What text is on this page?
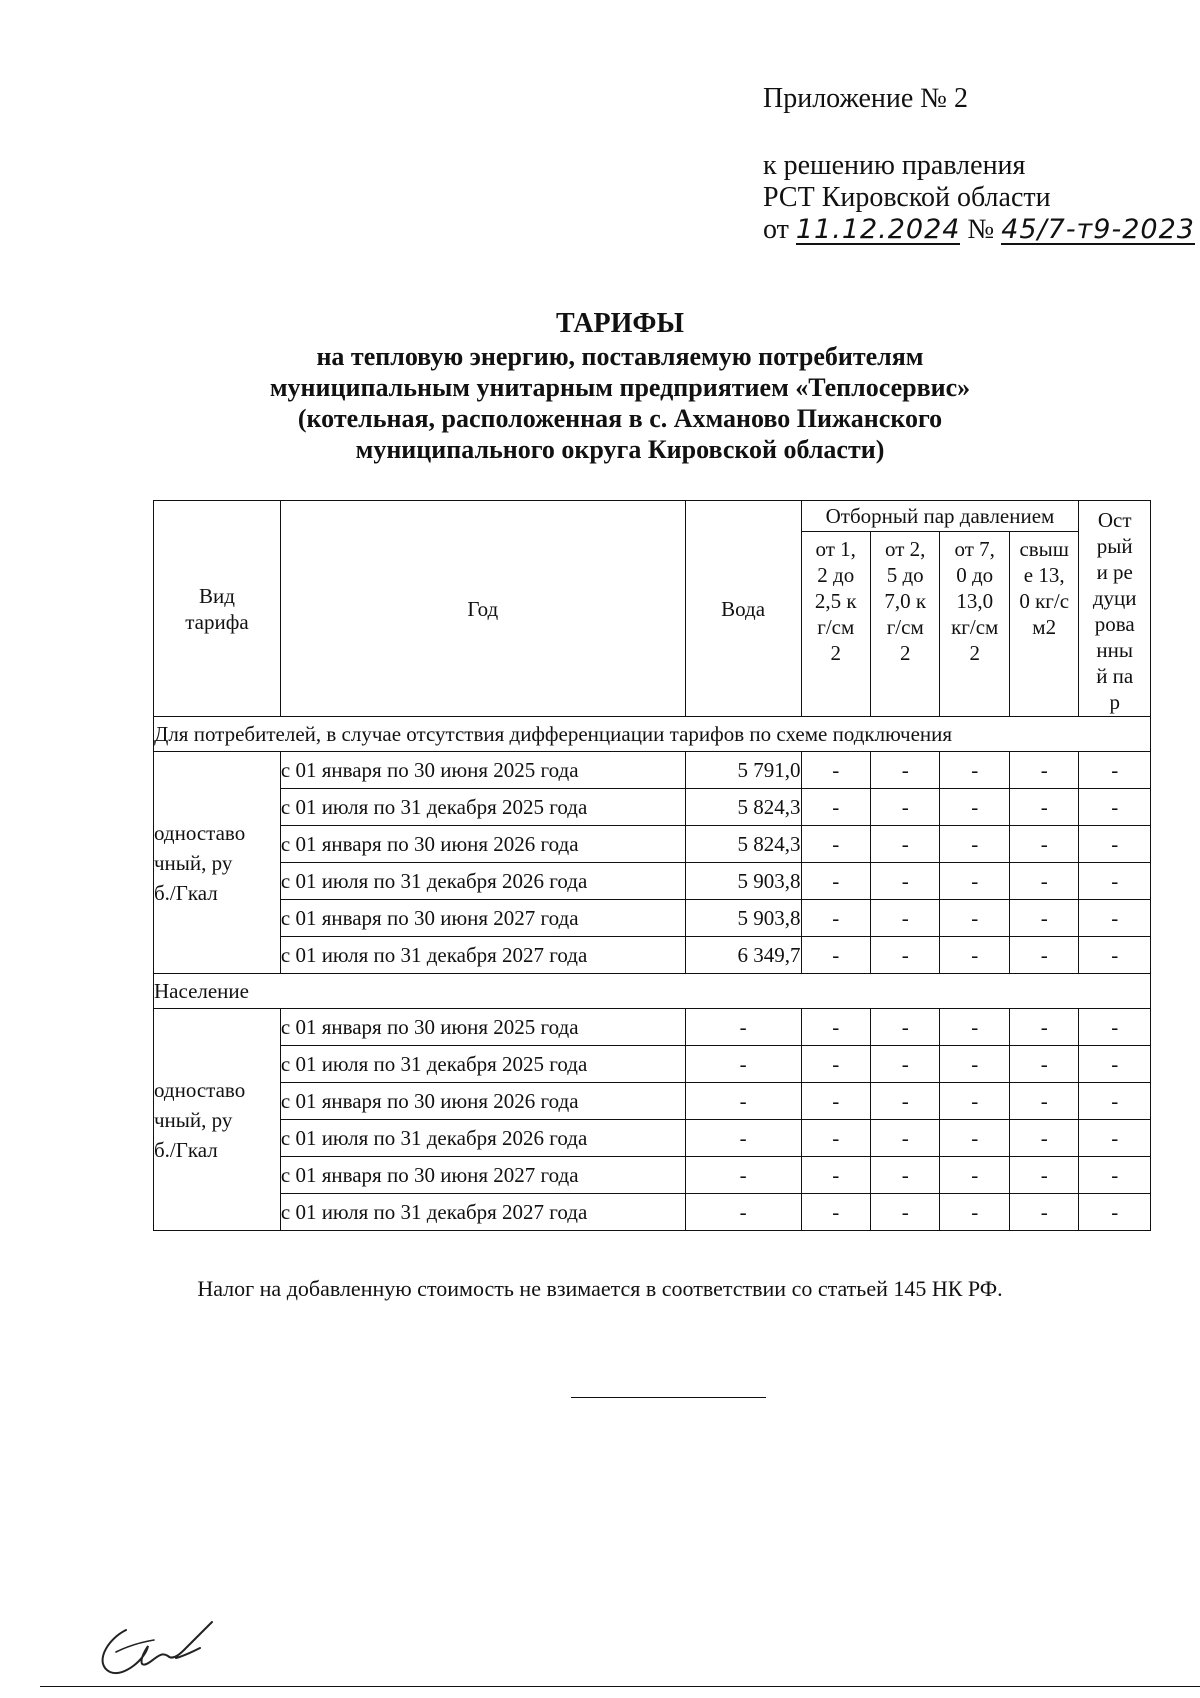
Приложение № 2
к решению правления
РСТ Кировской области
от 11.12.2024 № 45/7-т9-2023
ТАРИФЫ
на тепловую энергию, поставляемую потребителям
муниципальным унитарным предприятием «Теплосервис»
(котельная, расположенная в с. Ахманово Пижанского
муниципального округа Кировской области)
Вид тарифа	Год	Вода	Отборный пар давлением				Острый и редуцированный пар

			от 1,2 до 2,5 кг/см2	от 2,5 до 7,0 кг/см2	от 7,0 до 13,0 кг/см2	свыше 13,0 кг/см2	

Для потребителей, в случае отсутствия дифференциации тарифов по схеме подключения							

одноставочный, руб./Гкал	с 01 января по 30 июня 2025 года	5 791,0	-	-	-	-	-
	с 01 июля по 31 декабря 2025 года	5 824,3	-	-	-	-	-
	с 01 января по 30 июня 2026 года	5 824,3	-	-	-	-	-
	с 01 июля по 31 декабря 2026 года	5 903,8	-	-	-	-	-
	с 01 января по 30 июня 2027 года	5 903,8	-	-	-	-	-
	с 01 июля по 31 декабря 2027 года	6 349,7	-	-	-	-	-
Население							

одноставочный, руб./Гкал	с 01 января по 30 июня 2025 года	-	-	-	-	-	-
	с 01 июля по 31 декабря 2025 года	-	-	-	-	-	-
	с 01 января по 30 июня 2026 года	-	-	-	-	-	-
	с 01 июля по 31 декабря 2026 года	-	-	-	-	-	-
	с 01 января по 30 июня 2027 года	-	-	-	-	-	-
	с 01 июля по 31 декабря 2027 года	-	-	-	-	-	-
Налог на добавленную стоимость не взимается в соответствии со статьей 145 НК РФ.
